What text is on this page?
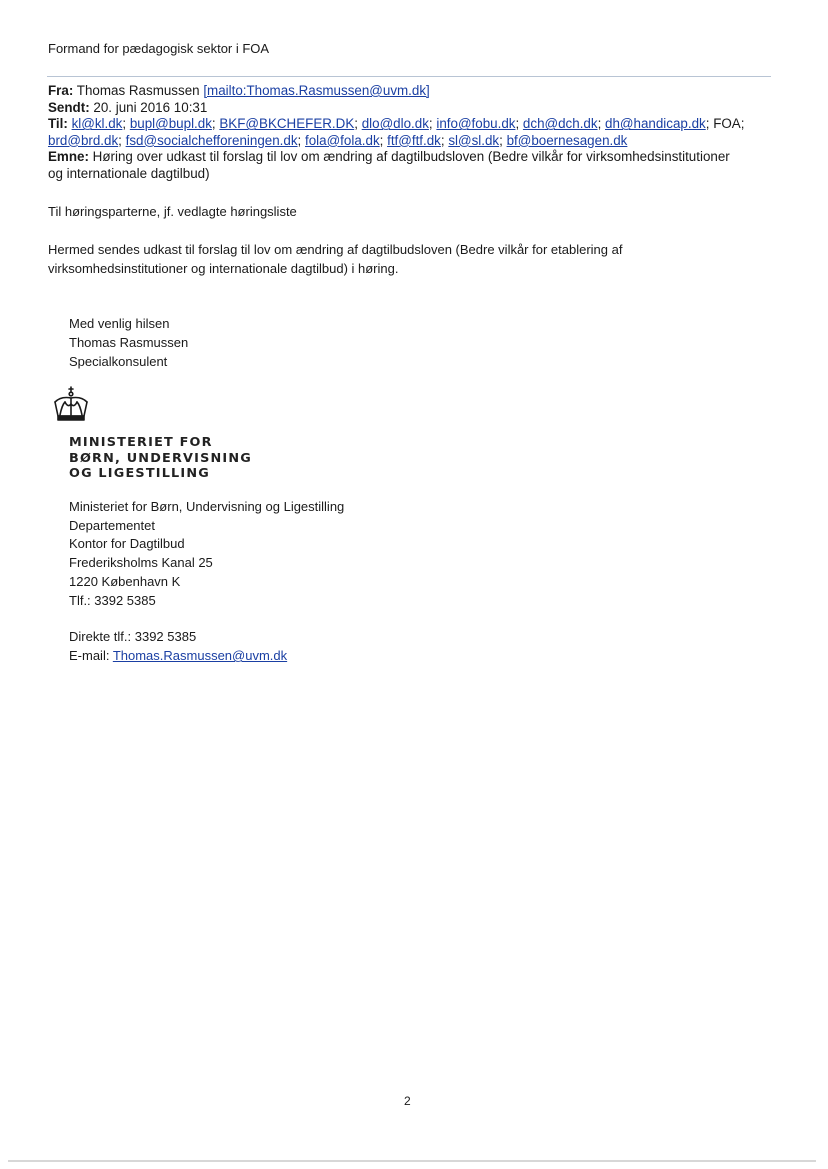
Formand for pædagogisk sektor i FOA
Fra: Thomas Rasmussen [mailto:Thomas.Rasmussen@uvm.dk]
Sendt: 20. juni 2016 10:31
Til: kl@kl.dk; bupl@bupl.dk; BKF@BKCHEFER.DK; dlo@dlo.dk; info@fobu.dk; dch@dch.dk; dh@handicap.dk; FOA;
brd@brd.dk; fsd@socialchefforeningen.dk; fola@fola.dk; ftf@ftf.dk; sl@sl.dk; bf@boernesagen.dk
Emne: Høring over udkast til forslag til lov om ændring af dagtilbudsloven (Bedre vilkår for virksomhedsinstitutioner
og internationale dagtilbud)
Til høringsparterne, jf. vedlagte høringsliste
Hermed sendes udkast til forslag til lov om ændring af dagtilbudsloven (Bedre vilkår for etablering af
virksomhedsinstitutioner og internationale dagtilbud) i høring.
Med venlig hilsen
Thomas Rasmussen
Specialkonsulent
MINISTERIET FOR
BØRN, UNDERVISNING
OG LIGESTILLING
Ministeriet for Børn, Undervisning og Ligestilling
Departementet
Kontor for Dagtilbud
Frederiksholms Kanal 25
1220 København K
Tlf.: 3392 5385
Direkte tlf.: 3392 5385
E-mail: Thomas.Rasmussen@uvm.dk
2
